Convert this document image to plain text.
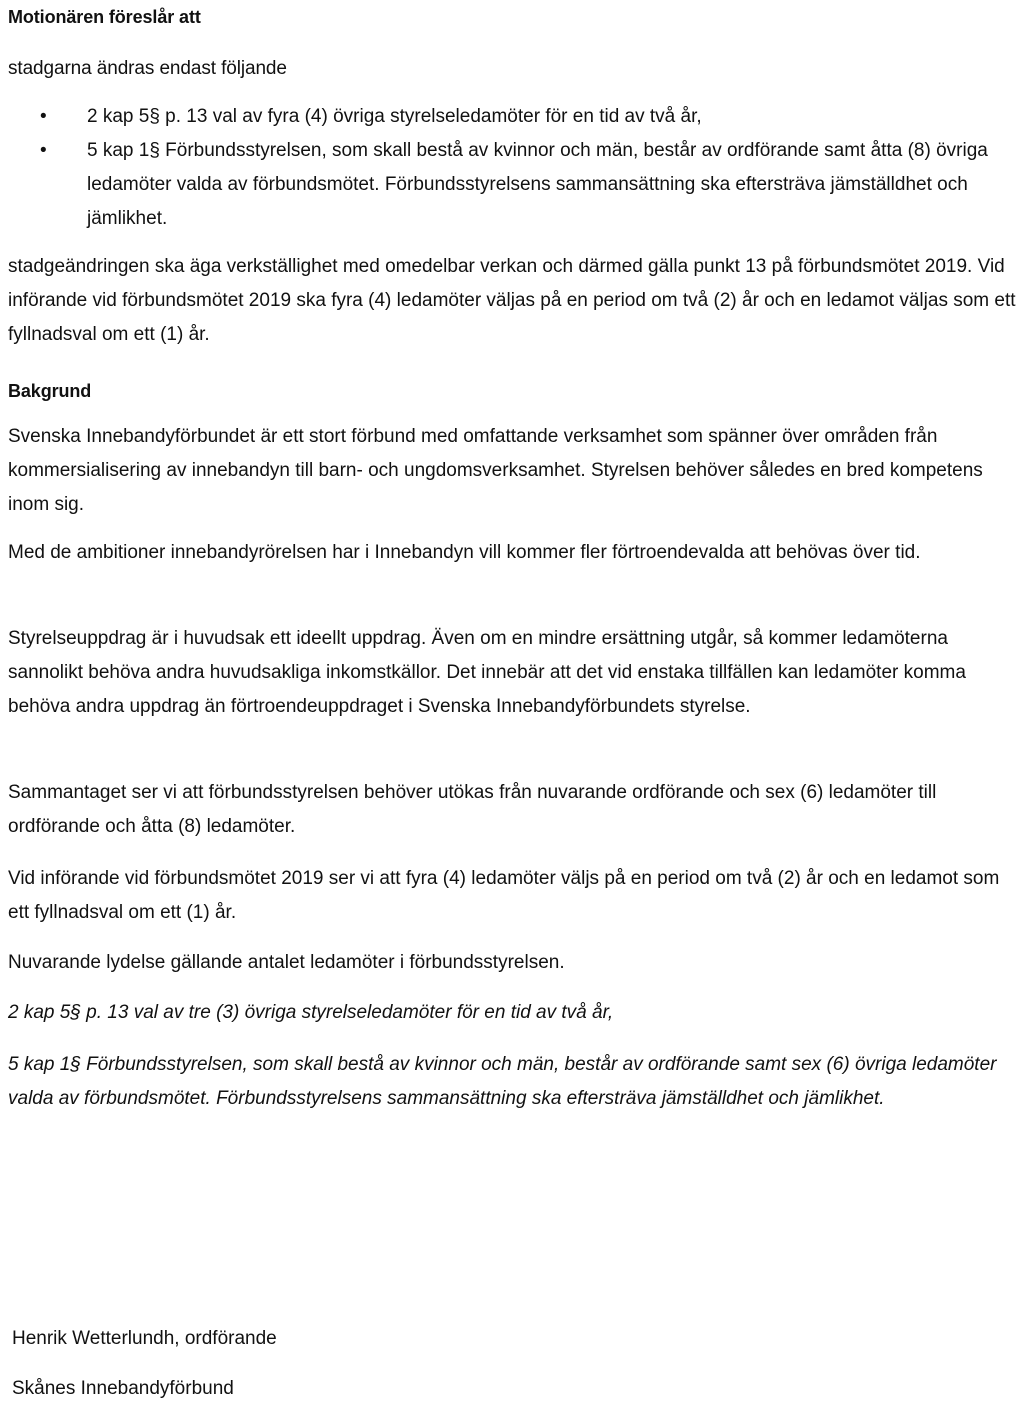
Motionären föreslår att
stadgarna ändras endast följande
• 2 kap 5§ p. 13 val av fyra (4) övriga styrelseledamöter för en tid av två år,
• 5 kap 1§ Förbundsstyrelsen, som skall bestå av kvinnor och män, består av ordförande samt åtta (8) övriga ledamöter valda av förbundsmötet. Förbundsstyrelsens sammansättning ska eftersträva jämställdhet och jämlikhet.
stadgeändringen ska äga verkställighet med omedelbar verkan och därmed gälla punkt 13 på förbundsmötet 2019. Vid införande vid förbundsmötet 2019 ska fyra (4) ledamöter väljas på en period om två (2) år och en ledamot väljas som ett fyllnadsval om ett (1) år.
Bakgrund
Svenska Innebandyförbundet är ett stort förbund med omfattande verksamhet som spänner över områden från kommersialisering av innebandyn till barn- och ungdomsverksamhet. Styrelsen behöver således en bred kompetens inom sig.
Med de ambitioner innebandyrörelsen har i Innebandyn vill kommer fler förtroendevalda att behövas över tid.
Styrelseuppdrag är i huvudsak ett ideellt uppdrag. Även om en mindre ersättning utgår, så kommer ledamöterna sannolikt behöva andra huvudsakliga inkomstkällor. Det innebär att det vid enstaka tillfällen kan ledamöter komma behöva andra uppdrag än förtroendeuppdraget i Svenska Innebandyförbundets styrelse.
Sammantaget ser vi att förbundsstyrelsen behöver utökas från nuvarande ordförande och sex (6) ledamöter till ordförande och åtta (8) ledamöter.
Vid införande vid förbundsmötet 2019 ser vi att fyra (4) ledamöter väljs på en period om två (2) år och en ledamot som ett fyllnadsval om ett (1) år.
Nuvarande lydelse gällande antalet ledamöter i förbundsstyrelsen.
2 kap 5§ p. 13 val av tre (3) övriga styrelseledamöter för en tid av två år,
5 kap 1§ Förbundsstyrelsen, som skall bestå av kvinnor och män, består av ordförande samt sex (6) övriga ledamöter valda av förbundsmötet. Förbundsstyrelsens sammansättning ska eftersträva jämställdhet och jämlikhet.
Henrik Wetterlundh, ordförande
Skånes Innebandyförbund
